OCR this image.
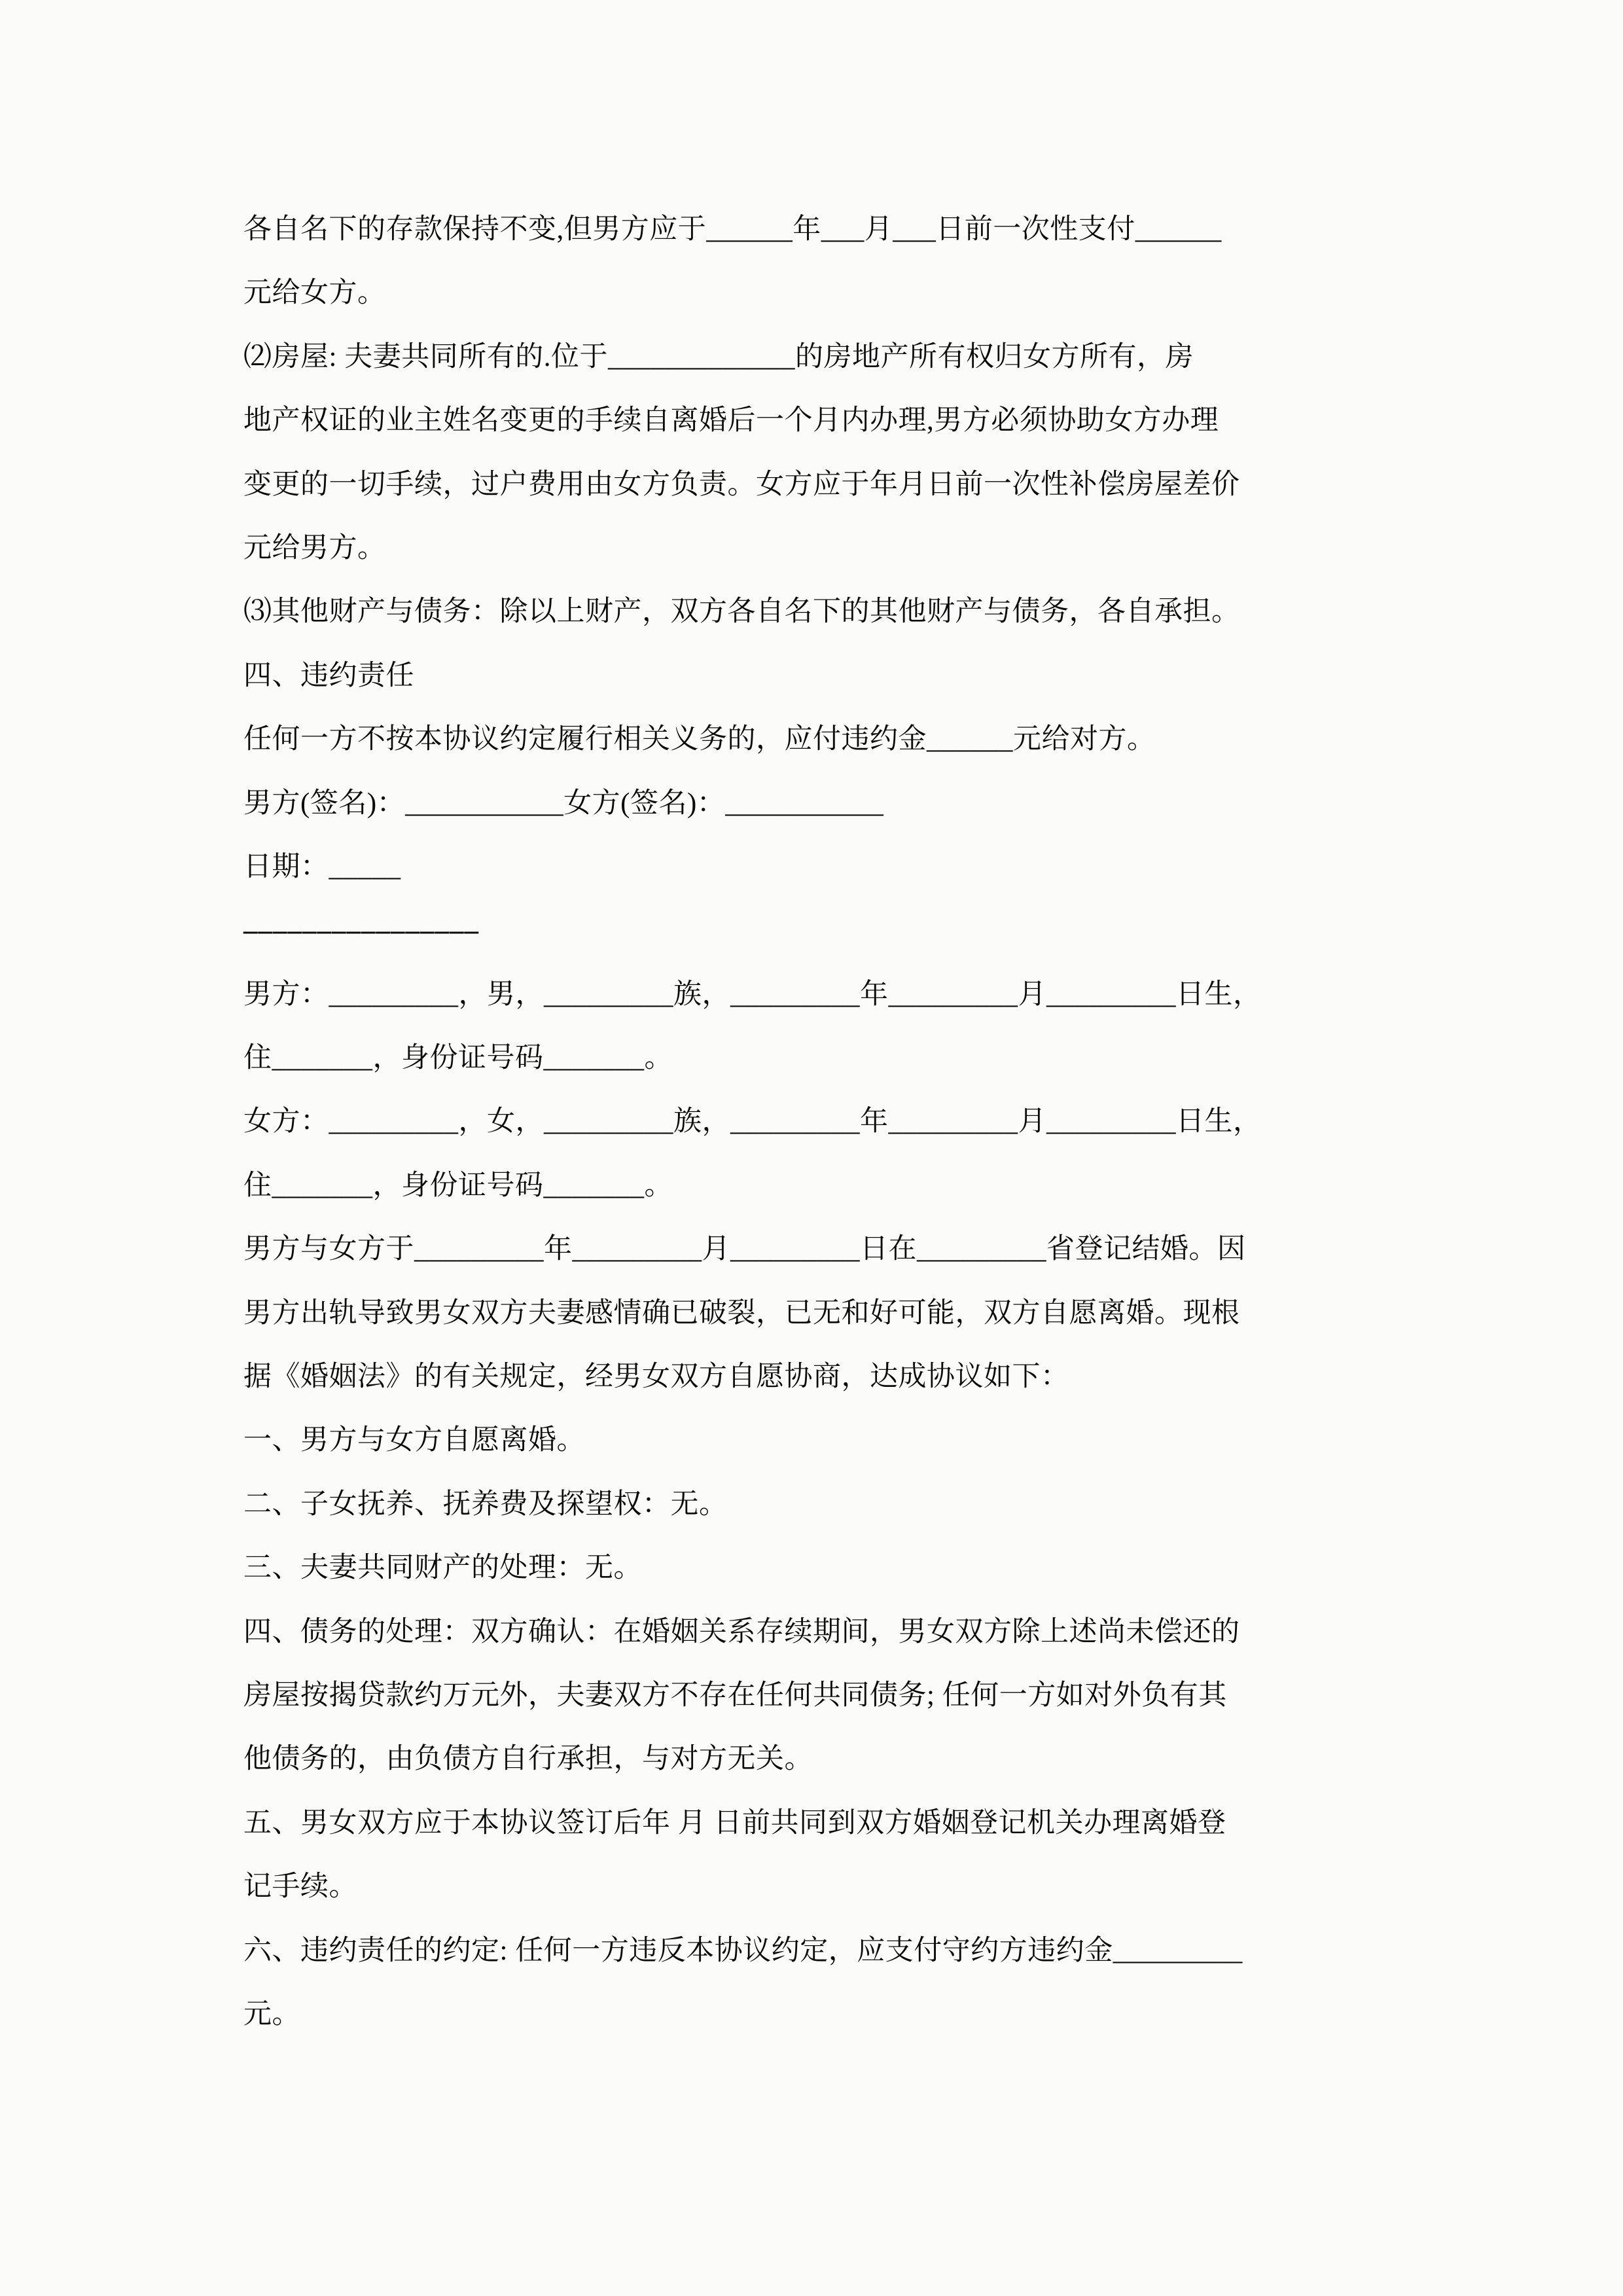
各自名下的存款保持不变,但男方应于______年___月___日前一次性支付______
元给女方。
⑵房屋: 夫妻共同所有的.位于_____________的房地产所有权归女方所有，房
地产权证的业主姓名变更的手续自离婚后一个月内办理,男方必须协助女方办理
变更的一切手续，过户费用由女方负责。女方应于年月日前一次性补偿房屋差价
元给男方。
⑶其他财产与债务：除以上财产，双方各自名下的其他财产与债务，各自承担。
四、违约责任
任何一方不按本协议约定履行相关义务的，应付违约金______元给对方。
男方(签名)：___________女方(签名)：___________
日期：_____
––––––––––––––––
男方：_________，男，_________族，_________年_________月_________日生，
住_______，身份证号码_______。
女方：_________，女，_________族，_________年_________月_________日生，
住_______，身份证号码_______。
男方与女方于_________年_________月_________日在_________省登记结婚。因
男方出轨导致男女双方夫妻感情确已破裂，已无和好可能，双方自愿离婚。现根
据《婚姻法》的有关规定，经男女双方自愿协商，达成协议如下：
一、男方与女方自愿离婚。
二、子女抚养、抚养费及探望权：无。
三、夫妻共同财产的处理：无。
四、债务的处理：双方确认：在婚姻关系存续期间，男女双方除上述尚未偿还的
房屋按揭贷款约万元外，夫妻双方不存在任何共同债务; 任何一方如对外负有其
他债务的，由负债方自行承担，与对方无关。
五、男女双方应于本协议签订后年 月 日前共同到双方婚姻登记机关办理离婚登
记手续。
六、违约责任的约定: 任何一方违反本协议约定，应支付守约方违约金_________
元。
